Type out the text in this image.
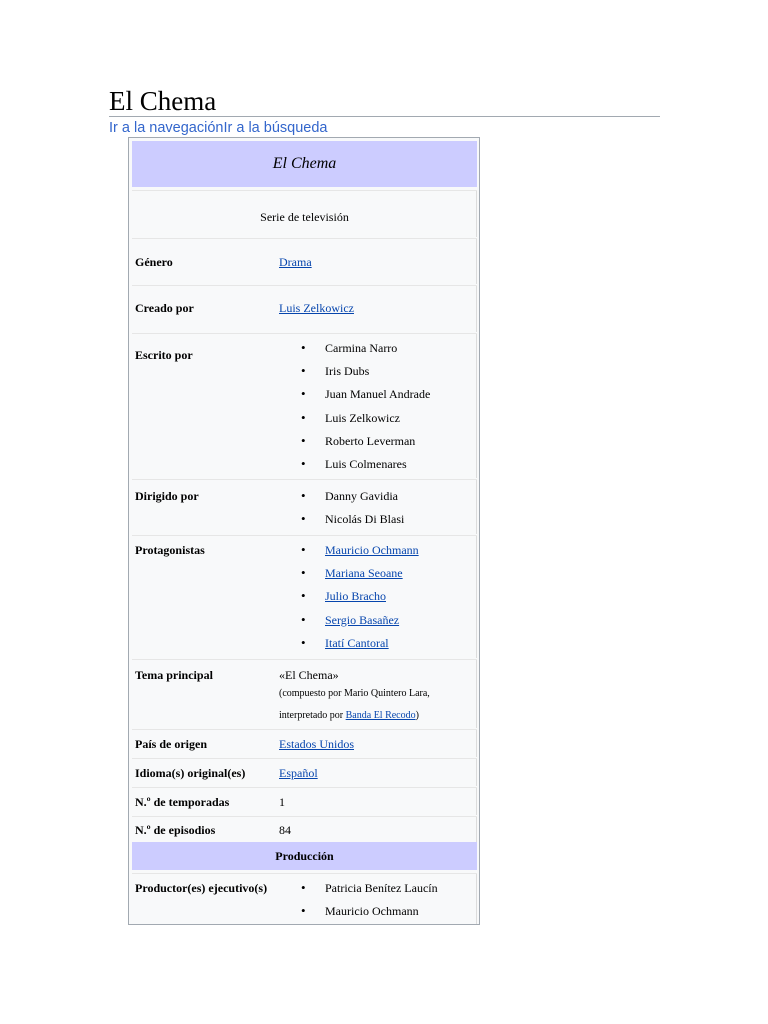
El Chema
Ir a la navegaciónIr a la búsqueda
El Chema
Serie de televisión
Género	Drama
Creado por	Luis Zelkowicz
Escrito por	• Carmina Narro
• Iris Dubs
• Juan Manuel Andrade
• Luis Zelkowicz
• Roberto Leverman
• Luis Colmenares
Dirigido por	• Danny Gavidia
• Nicolás Di Blasi
Protagonistas	• Mauricio Ochmann
• Mariana Seoane
• Julio Bracho
• Sergio Basañez
• Itatí Cantoral
Tema principal	«El Chema»
(compuesto por Mario Quintero Lara,
interpretado por Banda El Recodo)
País de origen	Estados Unidos
Idioma(s) original(es)	Español
N.º de temporadas	1
N.º de episodios	84
Producción
Productor(es) ejecutivo(s)	• Patricia Benítez Laucín
• Mauricio Ochmann
